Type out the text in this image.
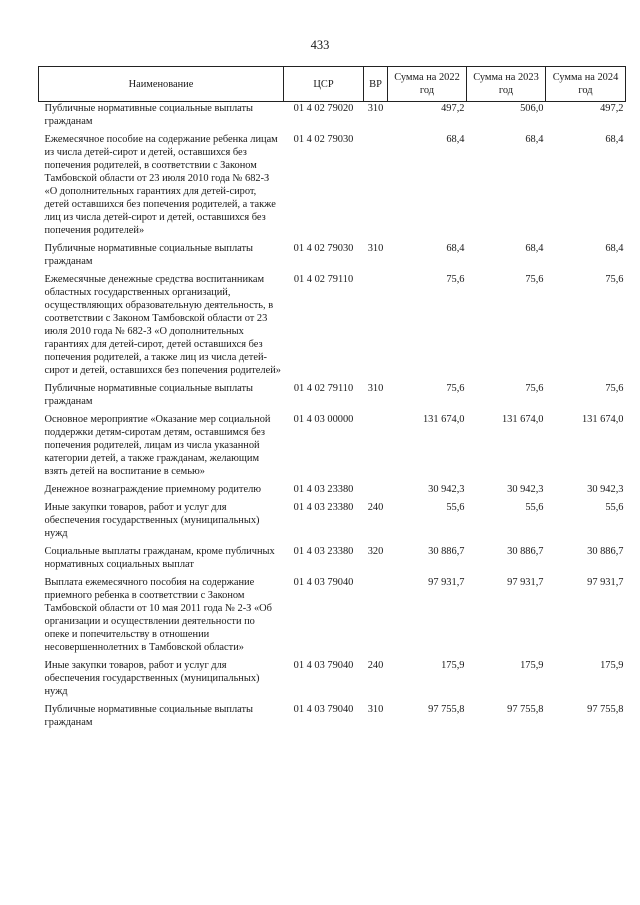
433
Наименование	ЦСР	ВР	Сумма на 2022 год	Сумма на 2023 год	Сумма на 2024 год
Публичные нормативные социальные выплаты гражданам	01 4 02 79020	310	497,2	506,0	497,2
Ежемесячное пособие на содержание ребенка лицам из числа детей-сирот и детей, оставшихся без попечения родителей, в соответствии с Законом Тамбовской области от 23 июля 2010 года № 682-З «О дополнительных гарантиях для детей-сирот, детей оставшихся без попечения родителей, а также лиц из числа детей-сирот и детей, оставшихся без попечения родителей»	01 4 02 79030		68,4	68,4	68,4
Публичные нормативные социальные выплаты гражданам	01 4 02 79030	310	68,4	68,4	68,4
Ежемесячные денежные средства воспитанникам областных государственных организаций, осуществляющих образовательную деятельность, в соответствии с Законом Тамбовской области от 23 июля 2010 года № 682-З «О дополнительных гарантиях для детей-сирот, детей оставшихся без попечения родителей, а также лиц из числа детей-сирот и детей, оставшихся без попечения родителей»	01 4 02 79110		75,6	75,6	75,6
Публичные нормативные социальные выплаты гражданам	01 4 02 79110	310	75,6	75,6	75,6
Основное мероприятие «Оказание мер социальной поддержки детям-сиротам детям, оставшимся без попечения родителей, лицам из числа указанной категории детей, а также гражданам, желающим взять детей на воспитание в семью»	01 4 03 00000		131 674,0	131 674,0	131 674,0
Денежное вознаграждение приемному родителю	01 4 03 23380		30 942,3	30 942,3	30 942,3
Иные закупки товаров, работ и услуг для обеспечения государственных (муниципальных) нужд	01 4 03 23380	240	55,6	55,6	55,6
Социальные выплаты гражданам, кроме публичных нормативных социальных выплат	01 4 03 23380	320	30 886,7	30 886,7	30 886,7
Выплата ежемесячного пособия на содержание приемного ребенка в соответствии с Законом Тамбовской области от 10 мая 2011 года № 2-З «Об организации и осуществлении деятельности по опеке и попечительству в отношении несовершеннолетних в Тамбовской области»	01 4 03 79040		97 931,7	97 931,7	97 931,7
Иные закупки товаров, работ и услуг для обеспечения государственных (муниципальных) нужд	01 4 03 79040	240	175,9	175,9	175,9
Публичные нормативные социальные выплаты гражданам	01 4 03 79040	310	97 755,8	97 755,8	97 755,8
